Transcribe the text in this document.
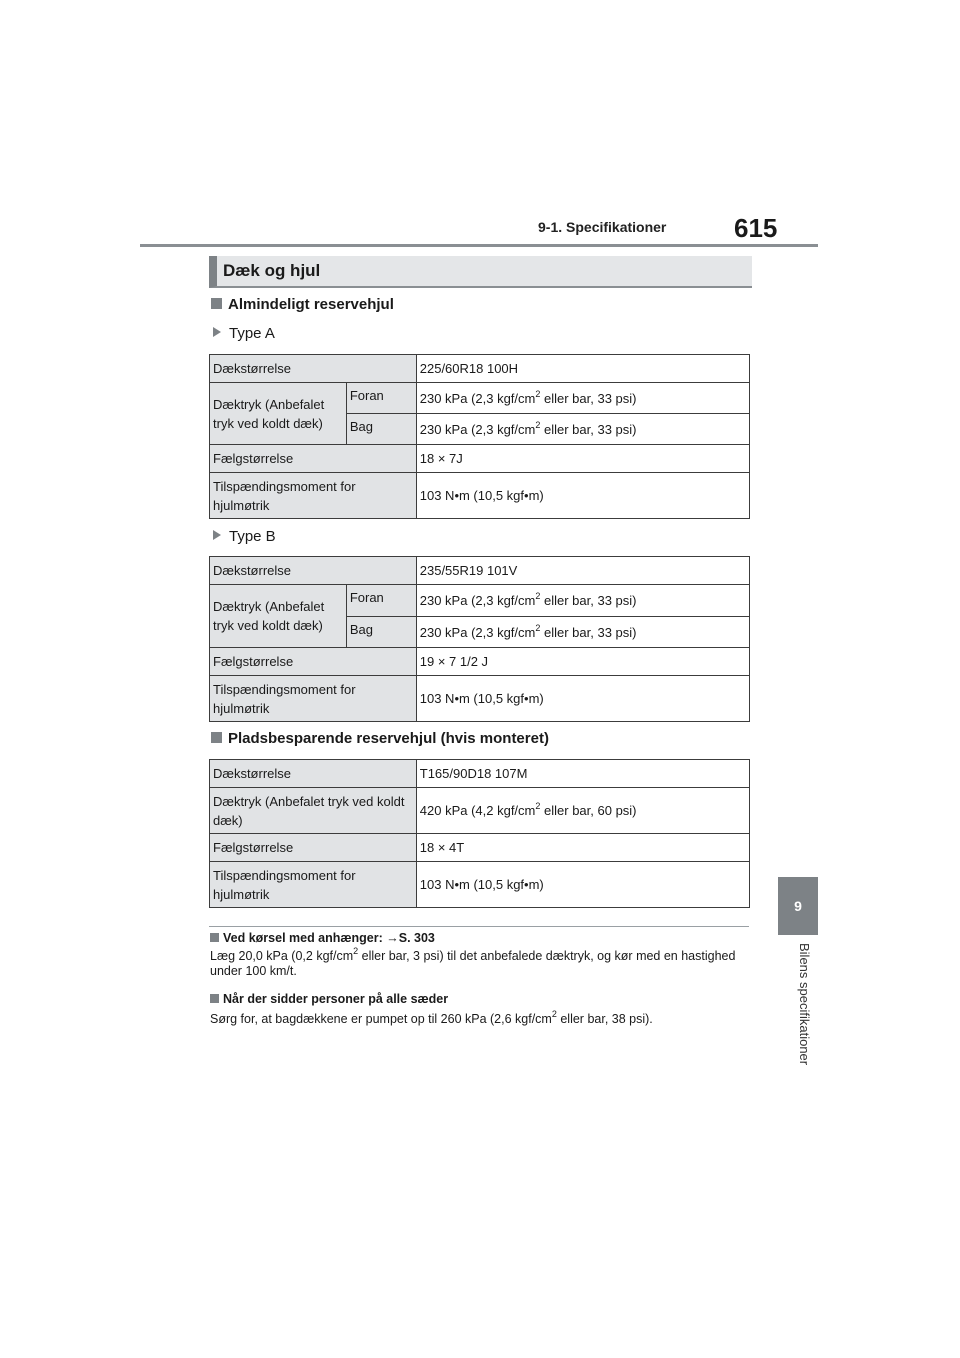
9-1. Specifikationer	615
9
Bilens specifikationer
Dæk og hjul
Almindeligt reservehjul
Type A
Dækstørrelse		225/60R18 100H
Dæktryk (Anbefalet tryk ved koldt dæk)	Foran	230 kPa (2,3 kgf/$cm^2$ eller bar, 33 psi)
	Bag	230 kPa (2,3 kgf/$cm^2$ eller bar, 33 psi)
Fælgstørrelse		18 × 7J
Tilspændingsmoment for hjulmøtrik		103 N•m (10,5 kgf•m)
Type B
Dækstørrelse		235/55R19 101V
Dæktryk (Anbefalet tryk ved koldt dæk)	Foran	230 kPa (2,3 kgf/$cm^2$ eller bar, 33 psi)
	Bag	230 kPa (2,3 kgf/$cm^2$ eller bar, 33 psi)
Fælgstørrelse		19 × 7 1/2 J
Tilspændingsmoment for hjulmøtrik		103 N•m (10,5 kgf•m)
Pladsbesparende reservehjul (hvis monteret)
Dækstørrelse	T165/90D18 107M
Dæktryk (Anbefalet tryk ved koldt dæk)	420 kPa (4,2 kgf/$cm^2$ eller bar, 60 psi)
Fælgstørrelse	18 × 4T
Tilspændingsmoment for hjulmøtrik	103 N•m (10,5 kgf•m)
Ved kørsel med anhænger: →S. 303
Læg 20,0 kPa (0,2 kgf/$cm^2$ eller bar, 3 psi) til det anbefalede dæktryk, og kør med en hastighed under 100 km/t.
Når der sidder personer på alle sæder
Sørg for, at bagdækkene er pumpet op til 260 kPa (2,6 kgf/$cm^2$ eller bar, 38 psi).
